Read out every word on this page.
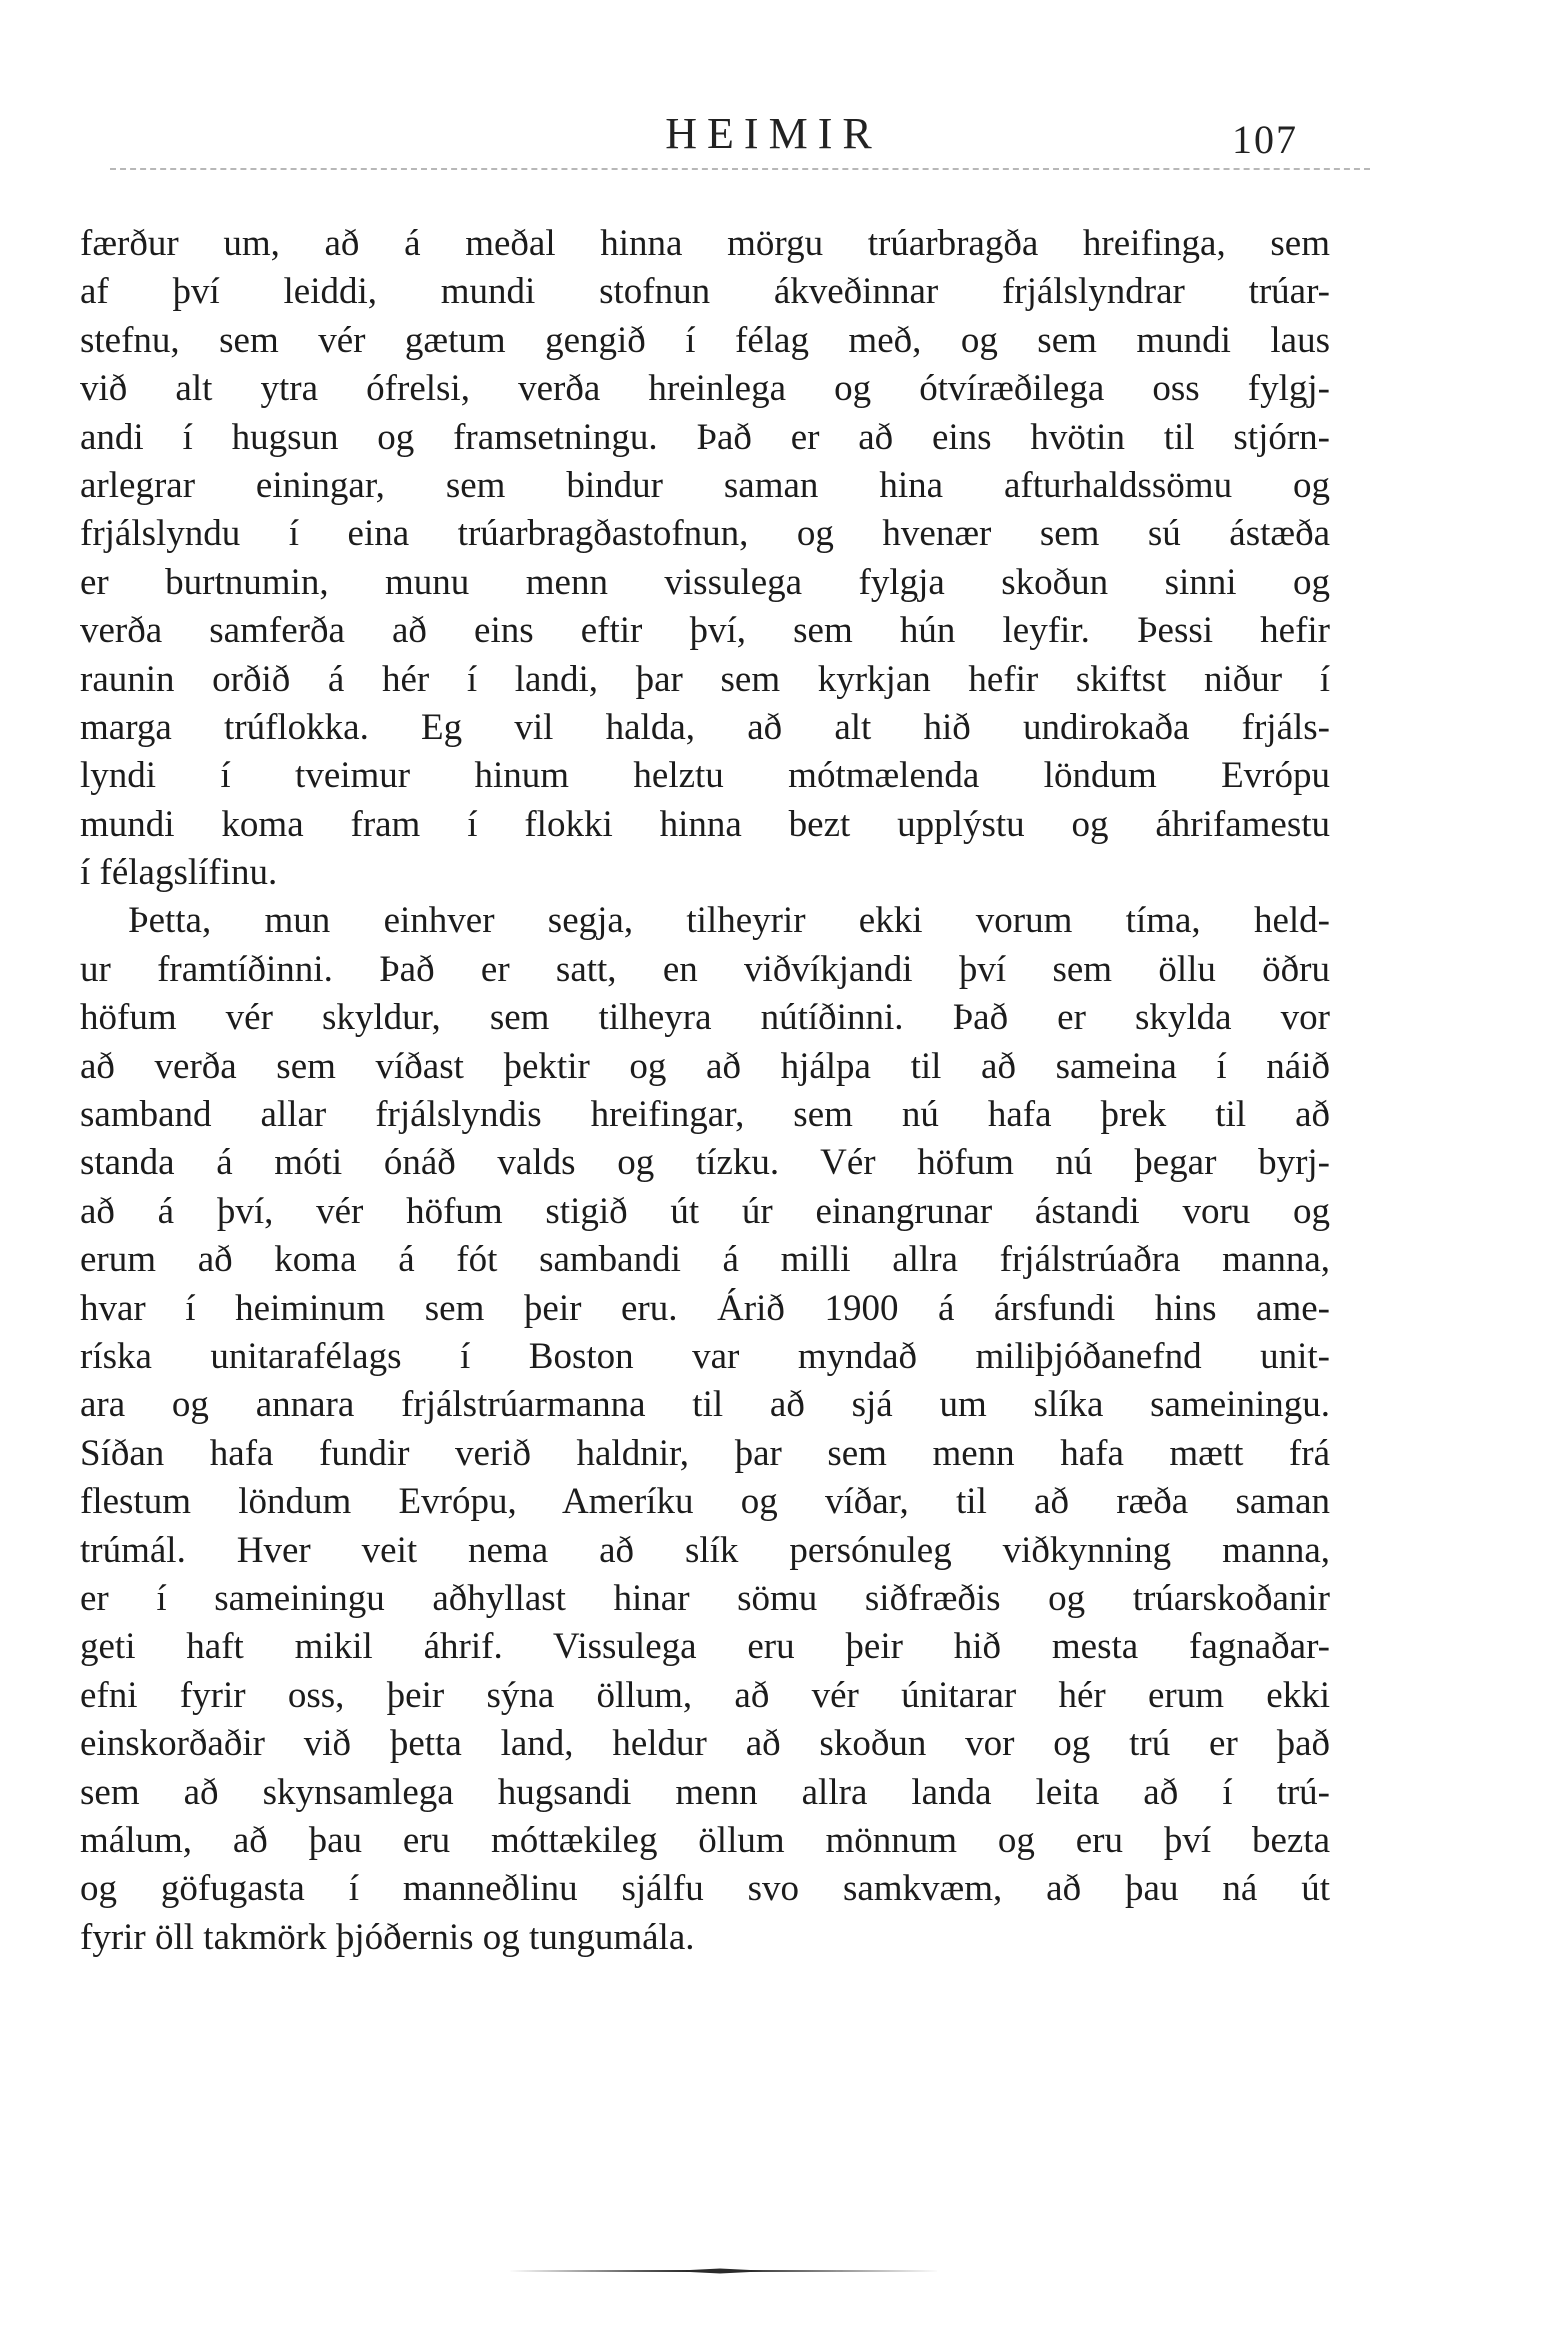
HEIMIR	107
færður um, að á meðal hinna mörgu trúarbragða hreifinga, sem
af því leiddi, mundi stofnun ákveðinnar frjálslyndrar trúar-
stefnu, sem vér gætum gengið í félag með, og sem mundi laus
við alt ytra ófrelsi, verða hreinlega og ótvíræðilega oss fylgj-
andi í hugsun og framsetningu. Það er að eins hvötin til stjórn-
arlegrar einingar, sem bindur saman hina afturhaldssömu og
frjálslyndu í eina trúarbragðastofnun, og hvenær sem sú ástæða
er burtnumin, munu menn vissulega fylgja skoðun sinni og
verða samferða að eins eftir því, sem hún leyfir. Þessi hefir
raunin orðið á hér í landi, þar sem kyrkjan hefir skiftst niður í
marga trúflokka. Eg vil halda, að alt hið undirokaða frjáls-
lyndi í tveimur hinum helztu mótmælenda löndum Evrópu
mundi koma fram í flokki hinna bezt upplýstu og áhrifamestu
í félagslífinu.
Þetta, mun einhver segja, tilheyrir ekki vorum tíma, held-
ur framtíðinni. Það er satt, en viðvíkjandi því sem öllu öðru
höfum vér skyldur, sem tilheyra nútíðinni. Það er skylda vor
að verða sem víðast þektir og að hjálpa til að sameina í náið
samband allar frjálslyndis hreifingar, sem nú hafa þrek til að
standa á móti ónáð valds og tízku. Vér höfum nú þegar byrj-
að á því, vér höfum stigið út úr einangrunar ástandi voru og
erum að koma á fót sambandi á milli allra frjálstrúaðra manna,
hvar í heiminum sem þeir eru. Árið 1900 á ársfundi hins ame-
ríska unitarafélags í Boston var myndað miliþjóðanefnd unit-
ara og annara frjálstrúarmanna til að sjá um slíka sameiningu.
Síðan hafa fundir verið haldnir, þar sem menn hafa mætt frá
flestum löndum Evrópu, Ameríku og víðar, til að ræða saman
trúmál. Hver veit nema að slík persónuleg viðkynning manna,
er í sameiningu aðhyllast hinar sömu siðfræðis og trúarskoðanir
geti haft mikil áhrif. Vissulega eru þeir hið mesta fagnaðar-
efni fyrir oss, þeir sýna öllum, að vér únitarar hér erum ekki
einskorðaðir við þetta land, heldur að skoðun vor og trú er það
sem að skynsamlega hugsandi menn allra landa leita að í trú-
málum, að þau eru móttækileg öllum mönnum og eru því bezta
og göfugasta í manneðlinu sjálfu svo samkvæm, að þau ná út
fyrir öll takmörk þjóðernis og tungumála.
